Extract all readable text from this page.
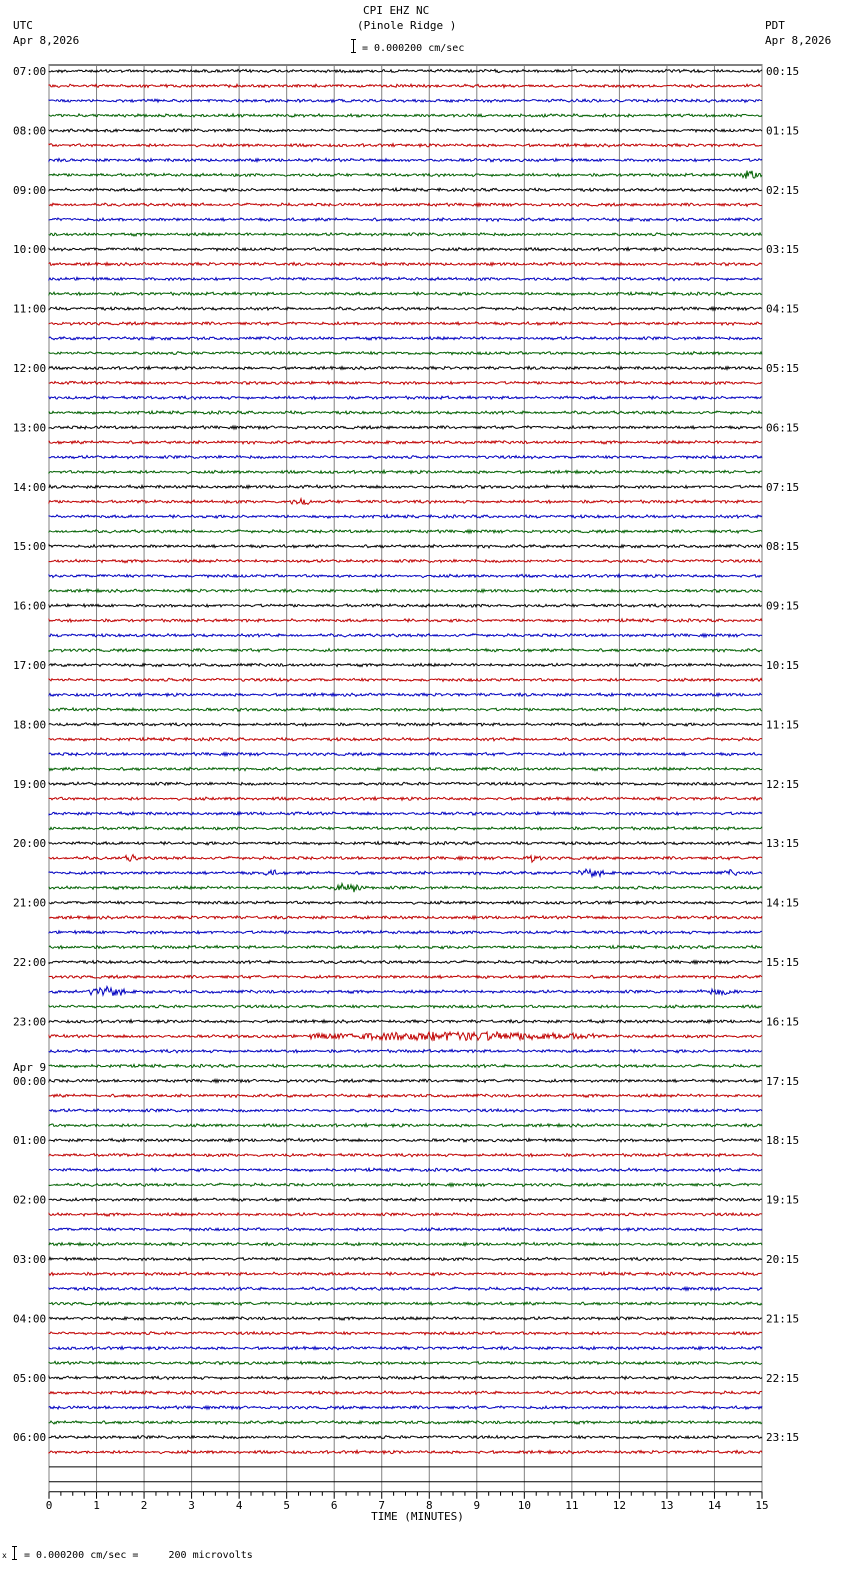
CPI EHZ NC
(Pinole Ridge )
UTC
Apr 8,2026
PDT
Apr 8,2026
= 0.000200 cm/sec
07:00	00:15
08:00	01:15
09:00	02:15
10:00	03:15
11:00	04:15
12:00	05:15
13:00	06:15
14:00	07:15
15:00	08:15
16:00	09:15
17:00	10:15
18:00	11:15
19:00	12:15
20:00	13:15
21:00	14:15
22:00	15:15
23:00	16:15
00:00	17:15
01:00	18:15
02:00	19:15
03:00	20:15
04:00	21:15
05:00	22:15
06:00	23:15
Apr 9
0	1	2	3	4	5	6	7	8	9	10	11	12	13	14	15
TIME (MINUTES)
x = 0.000200 cm/sec =     200 microvolts
